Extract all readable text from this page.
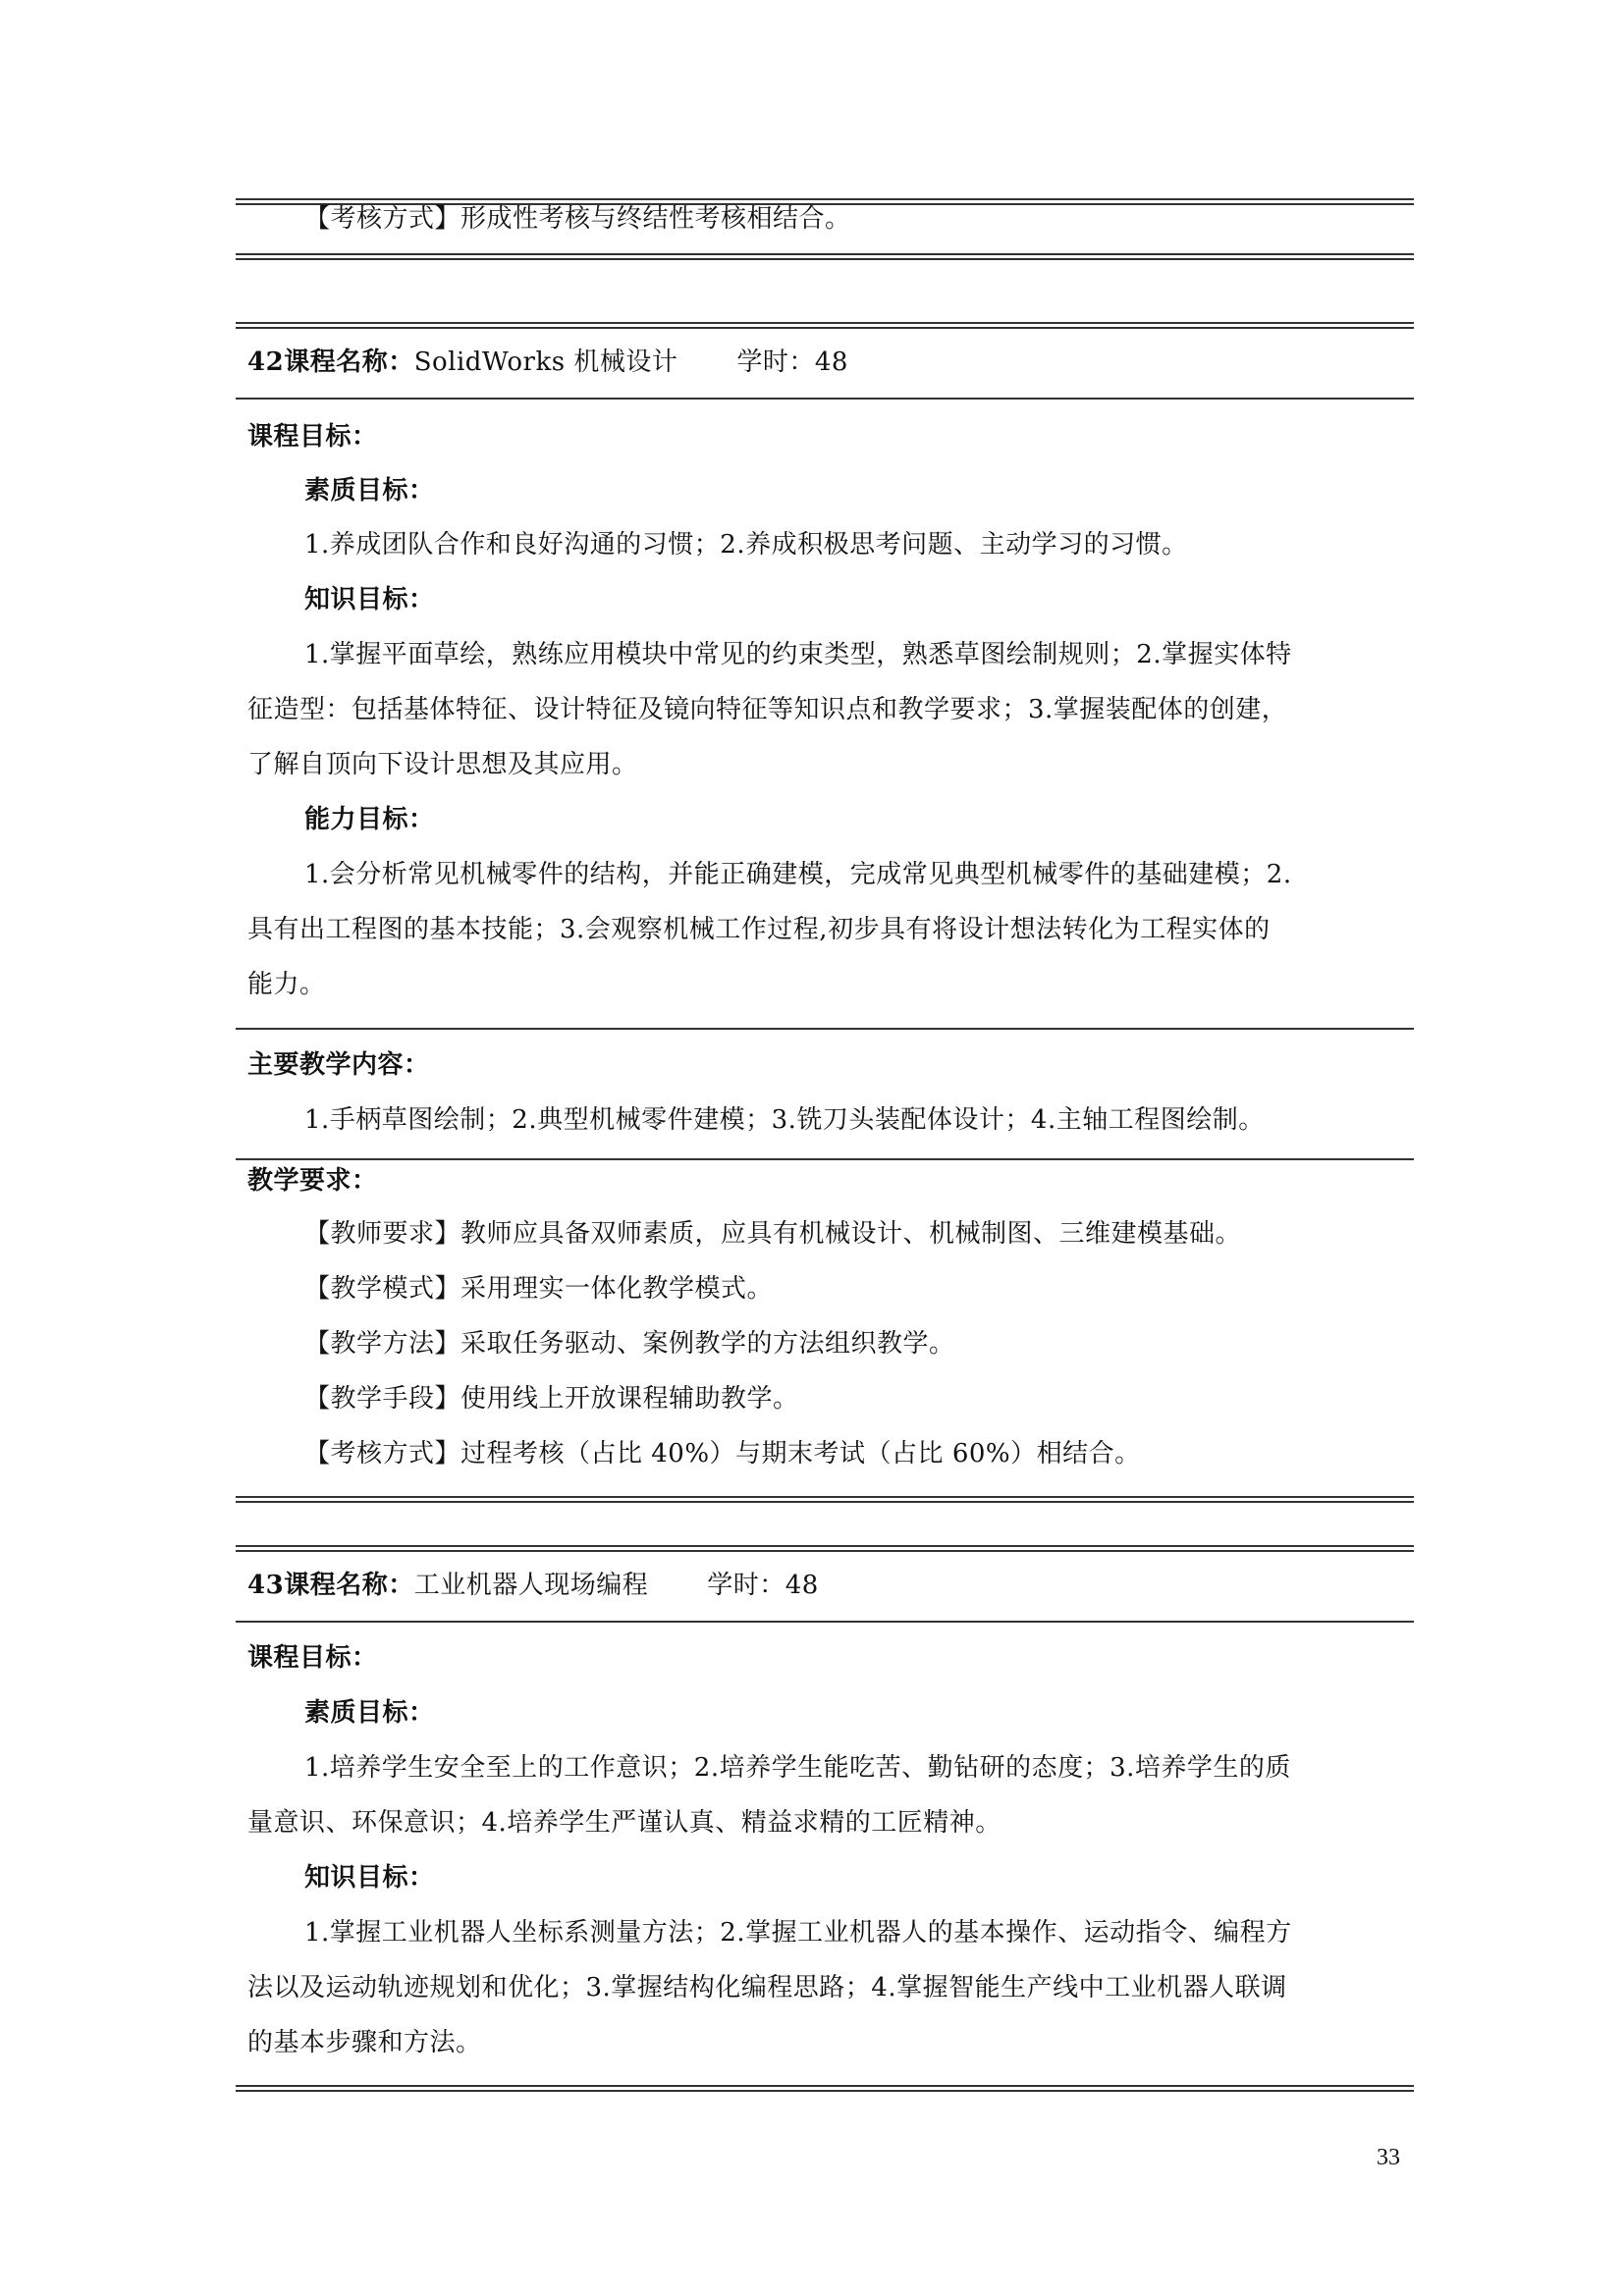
【考核方式】形成性考核与终结性考核相结合。
42课程名称：SolidWorks 机械设计 学时：48
课程目标：
素质目标：
1.养成团队合作和良好沟通的习惯；2.养成积极思考问题、主动学习的习惯。
知识目标：
1.掌握平面草绘，熟练应用模块中常见的约束类型，熟悉草图绘制规则；2.掌握实体特
征造型：包括基体特征、设计特征及镜向特征等知识点和教学要求；3.掌握装配体的创建，
了解自顶向下设计思想及其应用。
能力目标：
1.会分析常见机械零件的结构，并能正确建模，完成常见典型机械零件的基础建模；2.
具有出工程图的基本技能；3.会观察机械工作过程,初步具有将设计想法转化为工程实体的
能力。
主要教学内容：
1.手柄草图绘制；2.典型机械零件建模；3.铣刀头装配体设计；4.主轴工程图绘制。
教学要求：
【教师要求】教师应具备双师素质，应具有机械设计、机械制图、三维建模基础。
【教学模式】采用理实一体化教学模式。
【教学方法】采取任务驱动、案例教学的方法组织教学。
【教学手段】使用线上开放课程辅助教学。
【考核方式】过程考核（占比 40%）与期末考试（占比 60%）相结合。
43课程名称：工业机器人现场编程 学时：48
课程目标：
素质目标：
1.培养学生安全至上的工作意识；2.培养学生能吃苦、勤钻研的态度；3.培养学生的质
量意识、环保意识；4.培养学生严谨认真、精益求精的工匠精神。
知识目标：
1.掌握工业机器人坐标系测量方法；2.掌握工业机器人的基本操作、运动指令、编程方
法以及运动轨迹规划和优化；3.掌握结构化编程思路；4.掌握智能生产线中工业机器人联调
的基本步骤和方法。
33
